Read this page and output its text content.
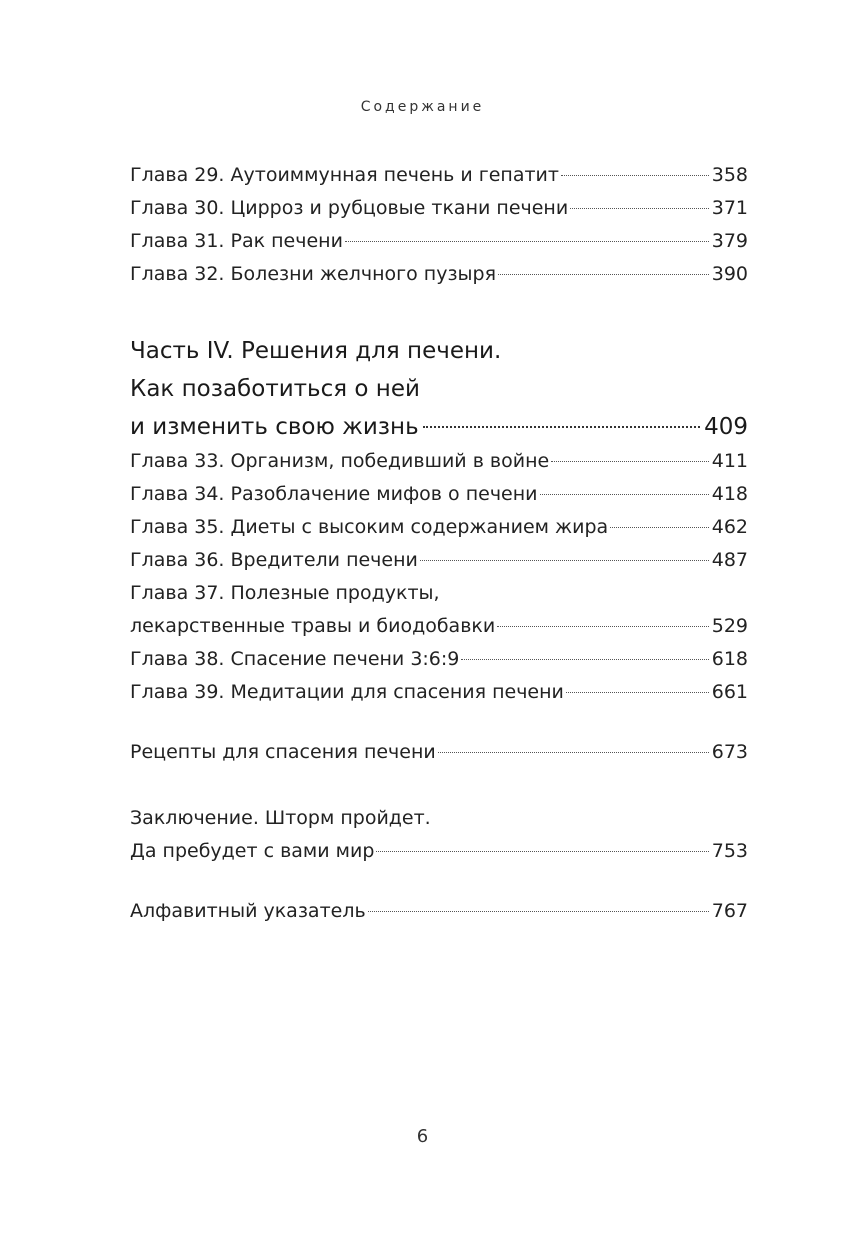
Содержание
Глава 29. Аутоиммунная печень и гепатит	358
Глава 30. Цирроз и рубцовые ткани печени	371
Глава 31. Рак печени	379
Глава 32. Болезни желчного пузыря	390
Часть IV. Решения для печени.
Как позаботиться о ней
и изменить свою жизнь	409
Глава 33. Организм, победивший в войне	411
Глава 34. Разоблачение мифов о печени	418
Глава 35. Диеты с высоким содержанием жира	462
Глава 36. Вредители печени	487
Глава 37. Полезные продукты,
лекарственные травы и биодобавки	529
Глава 38. Спасение печени 3:6:9	618
Глава 39. Медитации для спасения печени	661
Рецепты для спасения печени	673
Заключение. Шторм пройдет.
Да пребудет с вами мир	753
Алфавитный указатель	767
6
